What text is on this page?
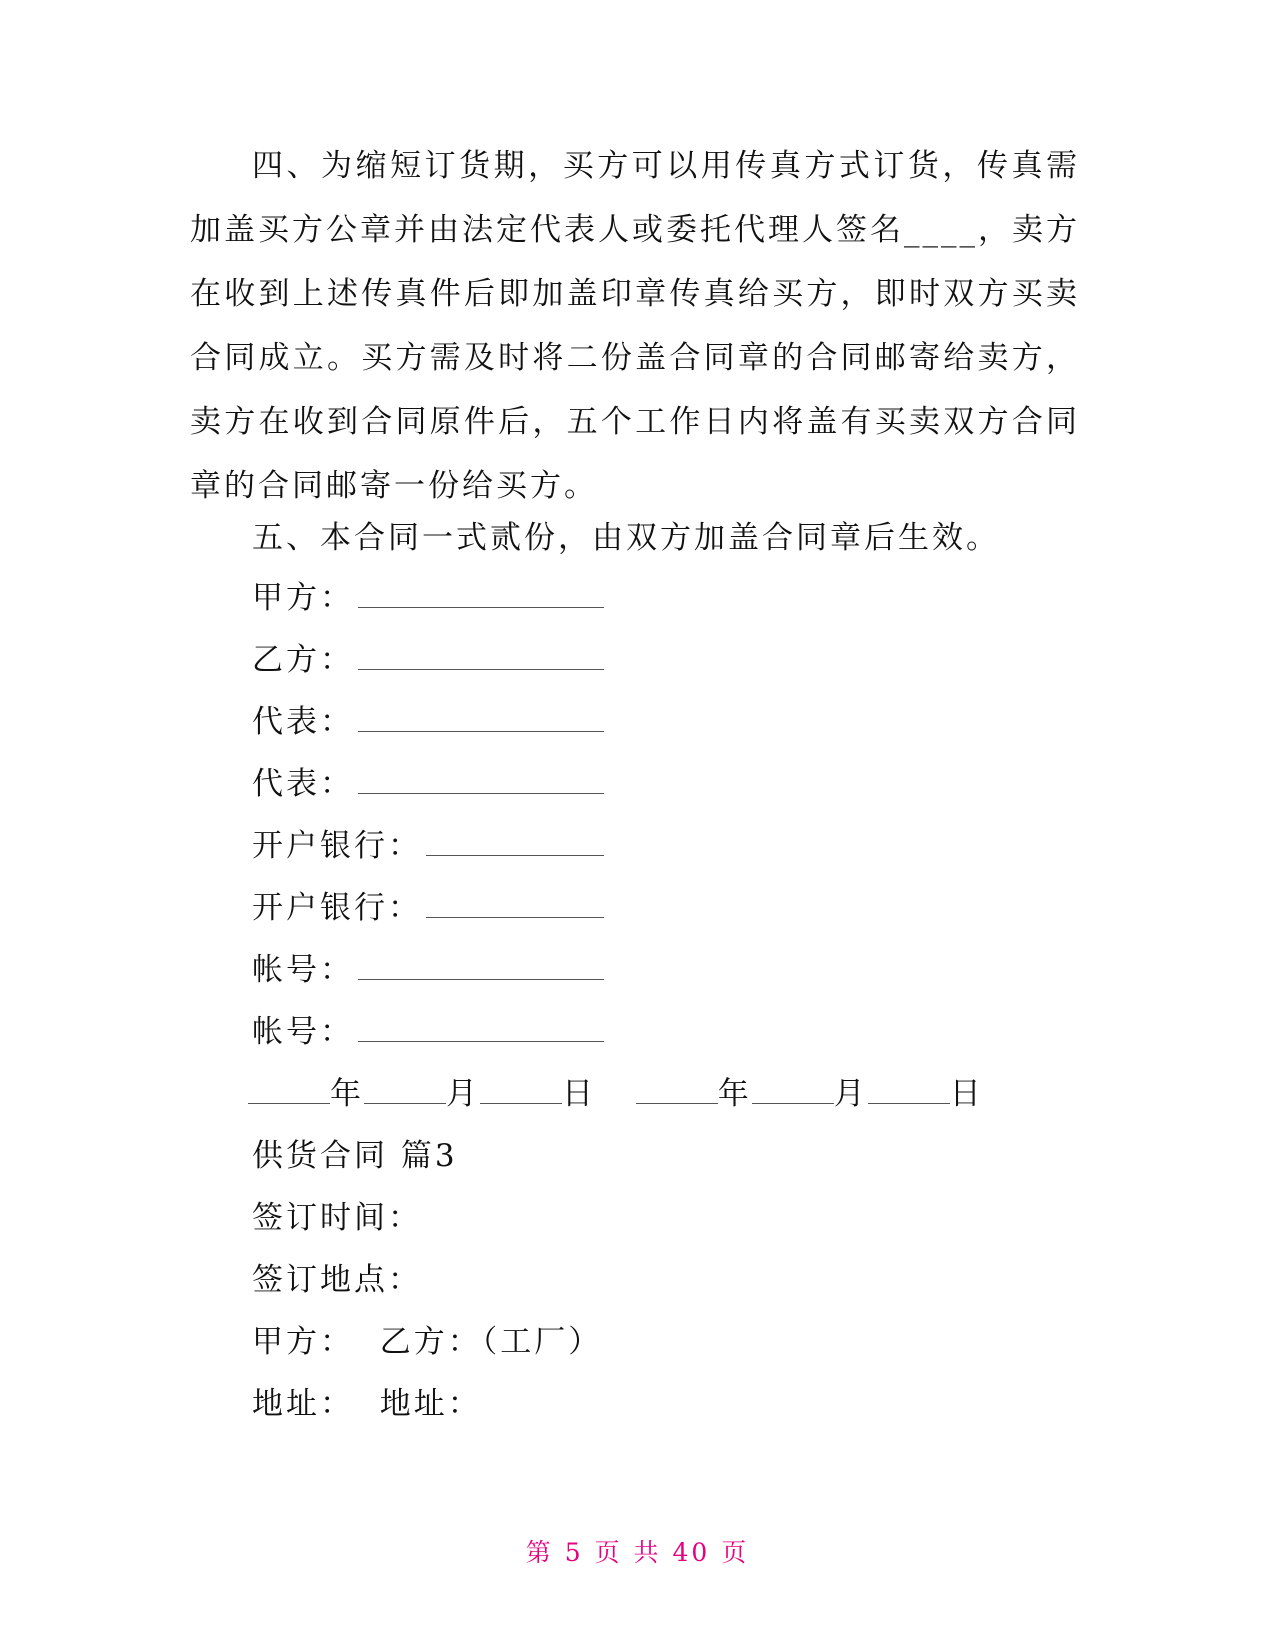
四、为缩短订货期，买方可以用传真方式订货，传真需加盖买方公章并由法定代表人或委托代理人签名____，卖方在收到上述传真件后即加盖印章传真给买方，即时双方买卖合同成立。买方需及时将二份盖合同章的合同邮寄给卖方，卖方在收到合同原件后，五个工作日内将盖有买卖双方合同章的合同邮寄一份给买方。

五、本合同一式贰份，由双方加盖合同章后生效。

甲方：
乙方：
代表：
代表：
开户银行：
开户银行：
帐号：
帐号：
年	月	日	年	月	日
供货合同 篇3
签订时间：
签订地点：
甲方：  乙方：（工厂）
地址：  地址：
第 5 页 共 40 页
